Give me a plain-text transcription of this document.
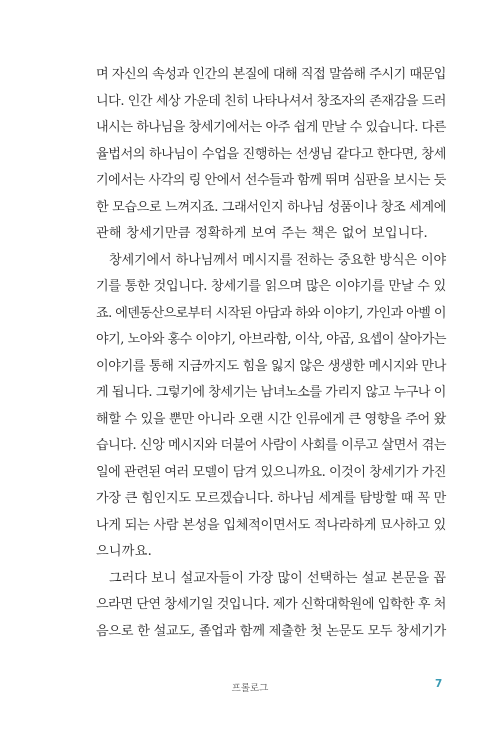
며 자신의 속성과 인간의 본질에 대해 직접 말씀해 주시기 때문입
니다. 인간 세상 가운데 친히 나타나셔서 창조자의 존재감을 드러
내시는 하나님을 창세기에서는 아주 쉽게 만날 수 있습니다. 다른
율법서의 하나님이 수업을 진행하는 선생님 같다고 한다면, 창세
기에서는 사각의 링 안에서 선수들과 함께 뛰며 심판을 보시는 듯
한 모습으로 느껴지죠. 그래서인지 하나님 성품이나 창조 세계에
관해 창세기만큼 정확하게 보여 주는 책은 없어 보입니다.
창세기에서 하나님께서 메시지를 전하는 중요한 방식은 이야
기를 통한 것입니다. 창세기를 읽으며 많은 이야기를 만날 수 있
죠. 에덴동산으로부터 시작된 아담과 하와 이야기, 가인과 아벨 이
야기, 노아와 홍수 이야기, 아브라함, 이삭, 야곱, 요셉이 살아가는
이야기를 통해 지금까지도 힘을 잃지 않은 생생한 메시지와 만나
게 됩니다. 그렇기에 창세기는 남녀노소를 가리지 않고 누구나 이
해할 수 있을 뿐만 아니라 오랜 시간 인류에게 큰 영향을 주어 왔
습니다. 신앙 메시지와 더불어 사람이 사회를 이루고 살면서 겪는
일에 관련된 여러 모델이 담겨 있으니까요. 이것이 창세기가 가진
가장 큰 힘인지도 모르겠습니다. 하나님 세계를 탐방할 때 꼭 만
나게 되는 사람 본성을 입체적이면서도 적나라하게 묘사하고 있
으니까요.
그러다 보니 설교자들이 가장 많이 선택하는 설교 본문을 꼽
으라면 단연 창세기일 것입니다. 제가 신학대학원에 입학한 후 처
음으로 한 설교도, 졸업과 함께 제출한 첫 논문도 모두 창세기가
프롤로그	7
